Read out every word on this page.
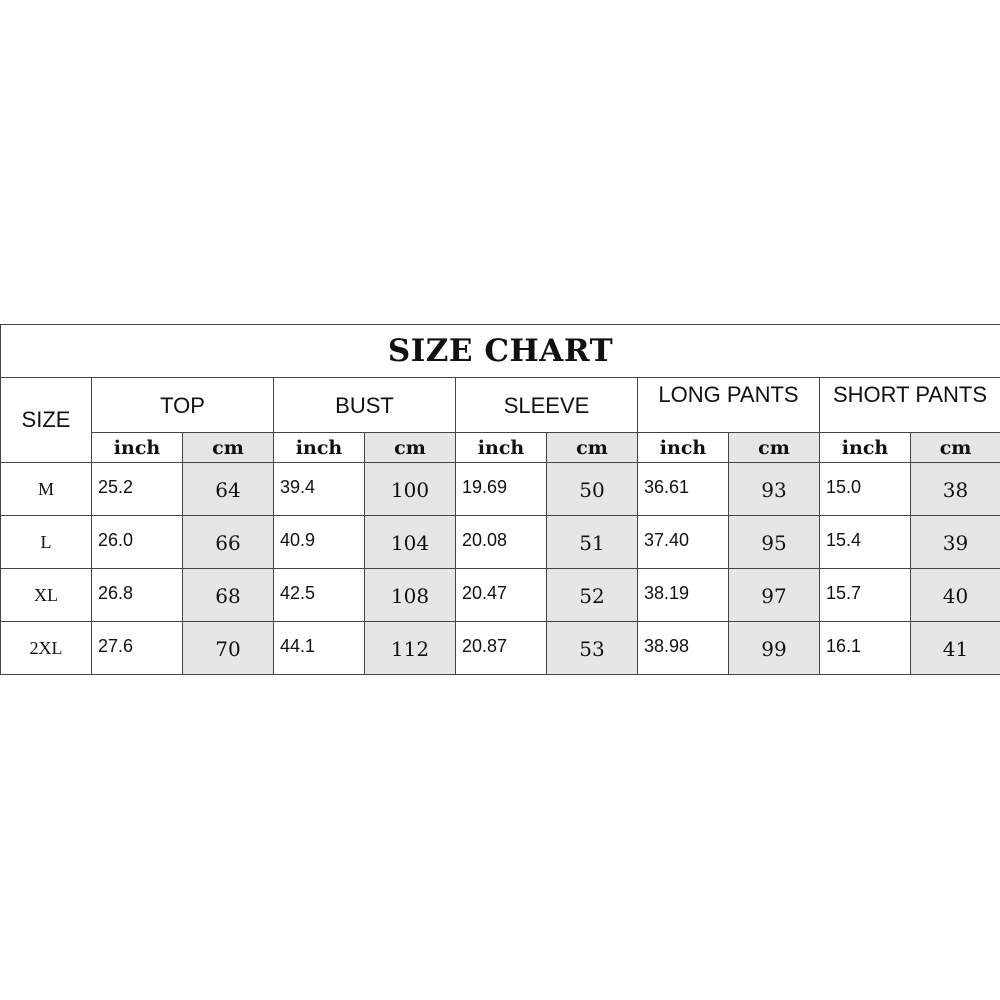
SIZE CHART										
SIZE	TOP		BUST		SLEEVE		LONG PANTS		SHORT PANTS	
	inch	cm	inch	cm	inch	cm	inch	cm	inch	cm
M	25.2	64	39.4	100	19.69	50	36.61	93	15.0	38
L	26.0	66	40.9	104	20.08	51	37.40	95	15.4	39
XL	26.8	68	42.5	108	20.47	52	38.19	97	15.7	40
2XL	27.6	70	44.1	112	20.87	53	38.98	99	16.1	41
